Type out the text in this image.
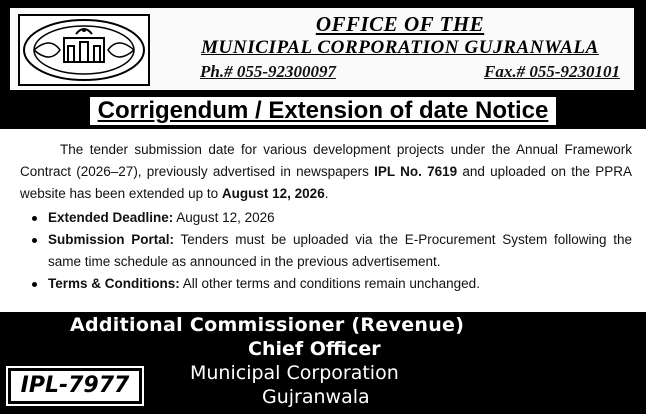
OFFICE OF THE
MUNICIPAL CORPORATION GUJRANWALA
Ph.# 055-92300097	Fax.# 055-9230101
Corrigendum / Extension of date Notice

The tender submission date for various development projects under the Annual Framework Contract (2026–27), previously advertised in newspapers IPL No. 7619 and uploaded on the PPRA website has been extended up to August 12, 2026.

Extended Deadline: August 12, 2026
Submission Portal: Tenders must be uploaded via the E-Procurement System following the same time schedule as announced in the previous advertisement.
Terms & Conditions: All other terms and conditions remain unchanged.
Additional Commissioner (Revenue)
Chief Officer
Municipal Corporation
Gujranwala
IPL-7977
